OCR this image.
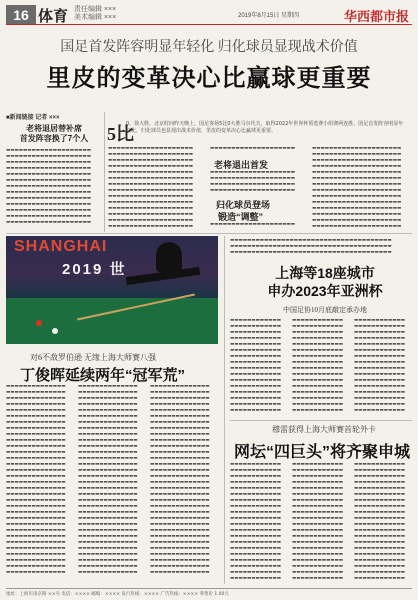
16 体育 责任编辑 ×××
美术编辑 ×××	2019年8月15日 星期四	华西都市报
国足首发阵容明显年轻化 归化球员显现战术价值
里皮的变革决心比赢球更重要
■新闻链接 记者 ×××
老将退居替补席
首发阵容换了7个人
▬▬▬▬▬▬▬▬▬▬▬▬▬▬▬▬▬▬▬▬
▬▬▬▬▬▬▬▬▬▬▬▬▬▬▬▬▬▬▬▬
▬▬▬▬▬▬▬▬▬▬▬▬▬▬▬▬▬▬▬▬
▬▬▬▬▬▬▬▬▬▬▬▬▬▬▬▬▬▬▬▬
▬▬▬▬▬▬▬▬▬▬▬▬▬▬▬▬▬▬▬▬
▬▬▬▬▬▬▬▬▬▬▬▬▬▬▬▬▬▬▬▬
▬▬▬▬▬▬▬▬▬▬▬▬▬▬▬▬▬▬▬▬
▬▬▬▬▬▬▬▬▬▬▬▬▬▬▬▬▬▬▬▬
▬▬▬▬▬▬▬▬▬▬▬▬▬▬▬▬▬▬▬▬
▬▬▬▬▬▬▬▬▬▬▬▬▬▬▬▬▬▬▬▬
▬▬▬▬▬▬▬▬▬▬▬▬▬▬▬▬▬▬▬▬
▬▬▬▬▬▬▬▬▬▬▬▬▬▬▬▬▬▬▬▬
▬▬▬▬▬▬▬▬▬▬▬▬▬▬▬▬▬▬▬▬
5比
0，徐大胜，北京时间昨天晚上，国足客场5比0大胜马尔代夫，取得2022年世界杯预选赛小组赛两连胜。国足首发阵容明显年轻化，归化球员也显现出战术价值，里皮的变革决心比赢球更重要。
▬▬▬▬▬▬▬▬▬▬▬▬▬▬▬▬▬▬▬▬
▬▬▬▬▬▬▬▬▬▬▬▬▬▬▬▬▬▬▬▬
▬▬▬▬▬▬▬▬▬▬▬▬▬▬▬▬▬▬▬▬
▬▬▬▬▬▬▬▬▬▬▬▬▬▬▬▬▬▬▬▬
▬▬▬▬▬▬▬▬▬▬▬▬▬▬▬▬▬▬▬▬
▬▬▬▬▬▬▬▬▬▬▬▬▬▬▬▬▬▬▬▬
▬▬▬▬▬▬▬▬▬▬▬▬▬▬▬▬▬▬▬▬
▬▬▬▬▬▬▬▬▬▬▬▬▬▬▬▬▬▬▬▬
▬▬▬▬▬▬▬▬▬▬▬▬▬▬▬▬▬▬▬▬
▬▬▬▬▬▬▬▬▬▬▬▬▬▬▬▬▬▬▬▬
▬▬▬▬▬▬▬▬▬▬▬▬▬▬▬▬▬▬▬▬
▬▬▬▬▬▬▬▬▬▬▬▬▬▬▬▬▬▬▬▬
▬▬▬▬▬▬▬▬▬▬▬▬▬▬▬▬▬▬▬▬
▬▬▬▬▬▬▬▬▬▬▬▬▬▬▬▬▬▬▬▬
老将退出首发
▬▬▬▬▬▬▬▬▬▬▬▬▬▬▬▬▬▬▬▬
▬▬▬▬▬▬▬▬▬▬▬▬▬▬▬▬▬▬▬▬
▬▬▬▬▬▬▬▬▬▬▬▬▬▬▬▬▬▬▬▬
▬▬▬▬▬▬▬▬▬▬▬▬▬▬▬▬▬▬▬▬
▬▬▬▬▬▬▬▬▬▬▬▬▬▬▬▬▬▬▬▬
归化球员登场
锻造“调整”
▬▬▬▬▬▬▬▬▬▬▬▬▬▬▬▬▬▬▬▬
▬▬▬▬▬▬▬▬▬▬▬▬▬▬▬▬▬▬▬▬▬
▬▬▬▬▬▬▬▬▬▬▬▬▬▬▬▬▬▬▬▬▬
▬▬▬▬▬▬▬▬▬▬▬▬▬▬▬▬▬▬▬▬▬
▬▬▬▬▬▬▬▬▬▬▬▬▬▬▬▬▬▬▬▬▬
▬▬▬▬▬▬▬▬▬▬▬▬▬▬▬▬▬▬▬▬▬
▬▬▬▬▬▬▬▬▬▬▬▬▬▬▬▬▬▬▬▬▬
▬▬▬▬▬▬▬▬▬▬▬▬▬▬▬▬▬▬▬▬▬
▬▬▬▬▬▬▬▬▬▬▬▬▬▬▬▬▬▬▬▬▬
▬▬▬▬▬▬▬▬▬▬▬▬▬▬▬▬▬▬▬▬▬
▬▬▬▬▬▬▬▬▬▬▬▬▬▬▬▬▬▬▬▬▬
▬▬▬▬▬▬▬▬▬▬▬▬▬▬▬▬▬▬▬▬▬
▬▬▬▬▬▬▬▬▬▬▬▬▬▬▬▬▬▬▬▬▬
▬▬▬▬▬▬▬▬▬▬▬▬▬▬▬▬▬▬▬▬▬
▬▬▬▬▬▬▬▬▬▬▬▬▬▬▬▬▬▬▬▬▬
SHANGHAI
2019 世
对6不敌罗伯逊 无缘上海大师赛八强
丁俊晖延续两年“冠军荒”
▬▬▬▬▬▬▬▬▬▬▬▬▬▬
▬▬▬▬▬▬▬▬▬▬▬▬▬▬
▬▬▬▬▬▬▬▬▬▬▬▬▬▬
▬▬▬▬▬▬▬▬▬▬▬▬▬▬
▬▬▬▬▬▬▬▬▬▬▬▬▬▬
▬▬▬▬▬▬▬▬▬▬▬▬▬▬
▬▬▬▬▬▬▬▬▬▬▬▬▬▬
▬▬▬▬▬▬▬▬▬▬▬▬▬▬
▬▬▬▬▬▬▬▬▬▬▬▬▬▬
▬▬▬▬▬▬▬▬▬▬▬▬▬▬
▬▬▬▬▬▬▬▬▬▬▬▬▬▬
▬▬▬▬▬▬▬▬▬▬▬▬▬▬
▬▬▬▬▬▬▬▬▬▬▬▬▬▬
▬▬▬▬▬▬▬▬▬▬▬▬▬▬
▬▬▬▬▬▬▬▬▬▬▬▬▬▬
▬▬▬▬▬▬▬▬▬▬▬▬▬▬
▬▬▬▬▬▬▬▬▬▬▬▬▬▬
▬▬▬▬▬▬▬▬▬▬▬▬▬▬
▬▬▬▬▬▬▬▬▬▬▬▬▬▬
▬▬▬▬▬▬▬▬▬▬▬▬▬▬
▬▬▬▬▬▬▬▬▬▬▬▬▬▬
▬▬▬▬▬▬▬▬▬▬▬▬▬▬
▬▬▬▬▬▬▬▬▬▬▬▬▬▬
▬▬▬▬▬▬▬▬▬▬▬▬▬▬
▬▬▬▬▬▬▬▬▬▬▬▬▬▬
▬▬▬▬▬▬▬▬▬▬▬▬▬▬
▬▬▬▬▬▬▬▬▬▬▬▬▬▬
▬▬▬▬▬▬▬▬▬▬▬▬▬▬
▬▬▬▬▬▬▬▬▬▬▬▬▬▬
▬▬▬▬▬▬▬▬▬▬▬▬▬▬
▬▬▬▬▬▬▬▬▬▬▬▬▬▬
▬▬▬▬▬▬▬▬▬▬▬▬▬▬
▬▬▬▬▬▬▬▬▬▬▬▬▬▬
▬▬▬▬▬▬▬▬▬▬▬▬▬▬
▬▬▬▬▬▬▬▬▬▬▬▬▬▬
▬▬▬▬▬▬▬▬▬▬▬▬▬▬
▬▬▬▬▬▬▬▬▬▬▬▬▬▬
▬▬▬▬▬▬▬▬▬▬▬▬▬▬
▬▬▬▬▬▬▬▬▬▬▬▬▬▬
▬▬▬▬▬▬▬▬▬▬▬▬▬▬
▬▬▬▬▬▬▬▬▬▬▬▬▬▬
▬▬▬▬▬▬▬▬▬▬▬▬▬▬
▬▬▬▬▬▬▬▬▬▬▬▬▬▬
▬▬▬▬▬▬▬▬▬▬▬▬▬▬
▬▬▬▬▬▬▬▬▬▬▬▬▬▬
▬▬▬▬▬▬▬▬▬▬▬▬▬▬
▬▬▬▬▬▬▬▬▬▬▬▬▬▬
▬▬▬▬▬▬▬▬▬▬▬▬▬▬
▬▬▬▬▬▬▬▬▬▬▬▬▬▬
▬▬▬▬▬▬▬▬▬▬▬▬▬▬
▬▬▬▬▬▬▬▬▬▬▬▬▬▬
▬▬▬▬▬▬▬▬▬▬▬▬▬▬
▬▬▬▬▬▬▬▬▬▬▬▬▬▬
▬▬▬▬▬▬▬▬▬▬▬▬▬▬
▬▬▬▬▬▬▬▬▬▬▬▬▬▬
▬▬▬▬▬▬▬▬▬▬▬▬▬▬
▬▬▬▬▬▬▬▬▬▬▬▬▬▬
▬▬▬▬▬▬▬▬▬▬▬▬▬▬
▬▬▬▬▬▬▬▬▬▬▬▬▬▬
▬▬▬▬▬▬▬▬▬▬▬▬▬▬
▬▬▬▬▬▬▬▬▬▬▬▬▬▬
▬▬▬▬▬▬▬▬▬▬▬▬▬▬
▬▬▬▬▬▬▬▬▬▬▬▬▬▬
▬▬▬▬▬▬▬▬▬▬▬▬▬▬
▬▬▬▬▬▬▬▬▬▬▬▬▬▬
▬▬▬▬▬▬▬▬▬▬▬▬▬▬
▬▬▬▬▬▬▬▬▬▬▬▬▬▬
▬▬▬▬▬▬▬▬▬▬▬▬▬▬
▬▬▬▬▬▬▬▬▬▬▬▬▬▬
▬▬▬▬▬▬▬▬▬▬▬▬▬▬
▬▬▬▬▬▬▬▬▬▬▬▬▬▬
▬▬▬▬▬▬▬▬▬▬▬▬▬▬
▬▬▬▬▬▬▬▬▬▬▬▬▬▬
▬▬▬▬▬▬▬▬▬▬▬▬▬▬
▬▬▬▬▬▬▬▬▬▬▬▬▬▬
▬▬▬▬▬▬▬▬▬▬▬▬▬▬
▬▬▬▬▬▬▬▬▬▬▬▬▬▬
▬▬▬▬▬▬▬▬▬▬▬▬▬▬
▬▬▬▬▬▬▬▬▬▬▬▬▬▬
▬▬▬▬▬▬▬▬▬▬▬▬▬▬
▬▬▬▬▬▬▬▬▬▬▬▬▬▬
▬▬▬▬▬▬▬▬▬▬▬▬▬▬
▬▬▬▬▬▬▬▬▬▬▬▬▬▬
▬▬▬▬▬▬▬▬▬▬▬▬▬▬
▬▬▬▬▬▬▬▬▬▬▬▬▬▬
▬▬▬▬▬▬▬▬▬▬▬▬▬▬
▬▬▬▬▬▬▬▬▬▬▬▬▬▬
▬▬▬▬▬▬▬▬▬▬▬▬▬▬
▬▬▬▬▬▬▬▬▬▬▬▬▬▬
▬▬▬▬▬▬▬▬▬▬▬▬▬▬
▬▬▬▬▬▬▬▬▬▬▬▬▬▬
▬▬▬▬▬▬▬▬▬▬▬▬▬▬
▬▬▬▬▬▬▬▬▬▬▬▬▬▬
▬▬▬▬▬▬▬▬▬▬▬▬▬▬
▬▬▬▬▬▬▬▬▬▬▬▬▬▬
▬▬▬▬▬▬▬▬▬▬▬▬▬▬
▬▬▬▬▬▬▬▬▬▬▬▬▬▬▬▬▬▬▬▬▬▬▬▬▬▬▬▬▬▬▬▬▬▬▬▬▬▬
▬▬▬▬▬▬▬▬▬▬▬▬▬▬▬▬▬▬▬▬▬▬▬▬▬▬▬▬▬▬▬▬▬▬▬▬▬▬
▬▬▬▬▬▬▬▬▬▬▬▬▬▬▬▬▬▬▬▬▬▬▬▬▬▬▬▬▬▬▬▬▬▬▬▬▬▬
上海等18座城市
申办2023年亚洲杯
中国足协10月底敲定承办地
▬▬▬▬▬▬▬▬▬▬▬▬
▬▬▬▬▬▬▬▬▬▬▬▬
▬▬▬▬▬▬▬▬▬▬▬▬
▬▬▬▬▬▬▬▬▬▬▬▬
▬▬▬▬▬▬▬▬▬▬▬▬
▬▬▬▬▬▬▬▬▬▬▬▬
▬▬▬▬▬▬▬▬▬▬▬▬
▬▬▬▬▬▬▬▬▬▬▬▬
▬▬▬▬▬▬▬▬▬▬▬▬
▬▬▬▬▬▬▬▬▬▬▬▬
▬▬▬▬▬▬▬▬▬▬▬▬
▬▬▬▬▬▬▬▬▬▬▬▬
▬▬▬▬▬▬▬▬▬▬▬▬
▬▬▬▬▬▬▬▬▬▬▬▬
▬▬▬▬▬▬▬▬▬▬▬▬
▬▬▬▬▬▬▬▬▬▬▬▬
▬▬▬▬▬▬▬▬▬▬▬▬
▬▬▬▬▬▬▬▬▬▬▬▬
▬▬▬▬▬▬▬▬▬▬▬▬
▬▬▬▬▬▬▬▬▬▬▬▬
▬▬▬▬▬▬▬▬▬▬▬▬
▬▬▬▬▬▬▬▬▬▬▬▬
▬▬▬▬▬▬▬▬▬▬▬▬
▬▬▬▬▬▬▬▬▬▬▬▬
▬▬▬▬▬▬▬▬▬▬▬▬
▬▬▬▬▬▬▬▬▬▬▬▬
▬▬▬▬▬▬▬▬▬▬▬▬
▬▬▬▬▬▬▬▬▬▬▬▬
▬▬▬▬▬▬▬▬▬▬▬▬
▬▬▬▬▬▬▬▬▬▬▬▬
▬▬▬▬▬▬▬▬▬▬▬▬
▬▬▬▬▬▬▬▬▬▬▬▬
▬▬▬▬▬▬▬▬▬▬▬▬
▬▬▬▬▬▬▬▬▬▬▬▬
▬▬▬▬▬▬▬▬▬▬▬▬
▬▬▬▬▬▬▬▬▬▬▬▬
▬▬▬▬▬▬▬▬▬▬▬▬
▬▬▬▬▬▬▬▬▬▬▬▬
▬▬▬▬▬▬▬▬▬▬▬▬
▬▬▬▬▬▬▬▬▬▬▬▬
▬▬▬▬▬▬▬▬▬▬▬▬
▬▬▬▬▬▬▬▬▬▬▬▬
▬▬▬▬▬▬▬▬▬▬▬▬
▬▬▬▬▬▬▬▬▬▬▬▬
▬▬▬▬▬▬▬▬▬▬▬▬
▬▬▬▬▬▬▬▬▬▬▬▬
▬▬▬▬▬▬▬▬▬▬▬▬
▬▬▬▬▬▬▬▬▬▬▬▬
穆雷获得上海大师赛首轮外卡
网坛“四巨头”将齐聚申城
▬▬▬▬▬▬▬▬▬▬▬▬
▬▬▬▬▬▬▬▬▬▬▬▬
▬▬▬▬▬▬▬▬▬▬▬▬
▬▬▬▬▬▬▬▬▬▬▬▬
▬▬▬▬▬▬▬▬▬▬▬▬
▬▬▬▬▬▬▬▬▬▬▬▬
▬▬▬▬▬▬▬▬▬▬▬▬
▬▬▬▬▬▬▬▬▬▬▬▬
▬▬▬▬▬▬▬▬▬▬▬▬
▬▬▬▬▬▬▬▬▬▬▬▬
▬▬▬▬▬▬▬▬▬▬▬▬
▬▬▬▬▬▬▬▬▬▬▬▬
▬▬▬▬▬▬▬▬▬▬▬▬
▬▬▬▬▬▬▬▬▬▬▬▬
▬▬▬▬▬▬▬▬▬▬▬▬
▬▬▬▬▬▬▬▬▬▬▬▬
▬▬▬▬▬▬▬▬▬▬▬▬
▬▬▬▬▬▬▬▬▬▬▬▬
▬▬▬▬▬▬▬▬▬▬▬▬
▬▬▬▬▬▬▬▬▬▬▬▬
▬▬▬▬▬▬▬▬▬▬▬▬
▬▬▬▬▬▬▬▬▬▬▬▬
▬▬▬▬▬▬▬▬▬▬▬▬
▬▬▬▬▬▬▬▬▬▬▬▬
▬▬▬▬▬▬▬▬▬▬▬▬
▬▬▬▬▬▬▬▬▬▬▬▬
▬▬▬▬▬▬▬▬▬▬▬▬
▬▬▬▬▬▬▬▬▬▬▬▬
▬▬▬▬▬▬▬▬▬▬▬▬
▬▬▬▬▬▬▬▬▬▬▬▬
▬▬▬▬▬▬▬▬▬▬▬▬
▬▬▬▬▬▬▬▬▬▬▬▬
▬▬▬▬▬▬▬▬▬▬▬▬
▬▬▬▬▬▬▬▬▬▬▬▬
▬▬▬▬▬▬▬▬▬▬▬▬
▬▬▬▬▬▬▬▬▬▬▬▬
▬▬▬▬▬▬▬▬▬▬▬▬
▬▬▬▬▬▬▬▬▬▬▬▬
▬▬▬▬▬▬▬▬▬▬▬▬
▬▬▬▬▬▬▬▬▬▬▬▬
▬▬▬▬▬▬▬▬▬▬▬▬
▬▬▬▬▬▬▬▬▬▬▬▬
▬▬▬▬▬▬▬▬▬▬▬▬
▬▬▬▬▬▬▬▬▬▬▬▬
▬▬▬▬▬▬▬▬▬▬▬▬
▬▬▬▬▬▬▬▬▬▬▬▬
▬▬▬▬▬▬▬▬▬▬▬▬
▬▬▬▬▬▬▬▬▬▬▬▬
▬▬▬▬▬▬▬▬▬▬▬▬
▬▬▬▬▬▬▬▬▬▬▬▬
▬▬▬▬▬▬▬▬▬▬▬▬
▬▬▬▬▬▬▬▬▬▬▬▬
▬▬▬▬▬▬▬▬▬▬▬▬
▬▬▬▬▬▬▬▬▬▬▬▬
▬▬▬▬▬▬▬▬▬▬▬▬
▬▬▬▬▬▬▬▬▬▬▬▬
▬▬▬▬▬▬▬▬▬▬▬▬
▬▬▬▬▬▬▬▬▬▬▬▬
▬▬▬▬▬▬▬▬▬▬▬▬
▬▬▬▬▬▬▬▬▬▬▬▬
地址：上海市南京路 ××号 电话：×××× 邮编：×××× 发行热线：×××× 广告热线：×××× 零售价 1.00元
